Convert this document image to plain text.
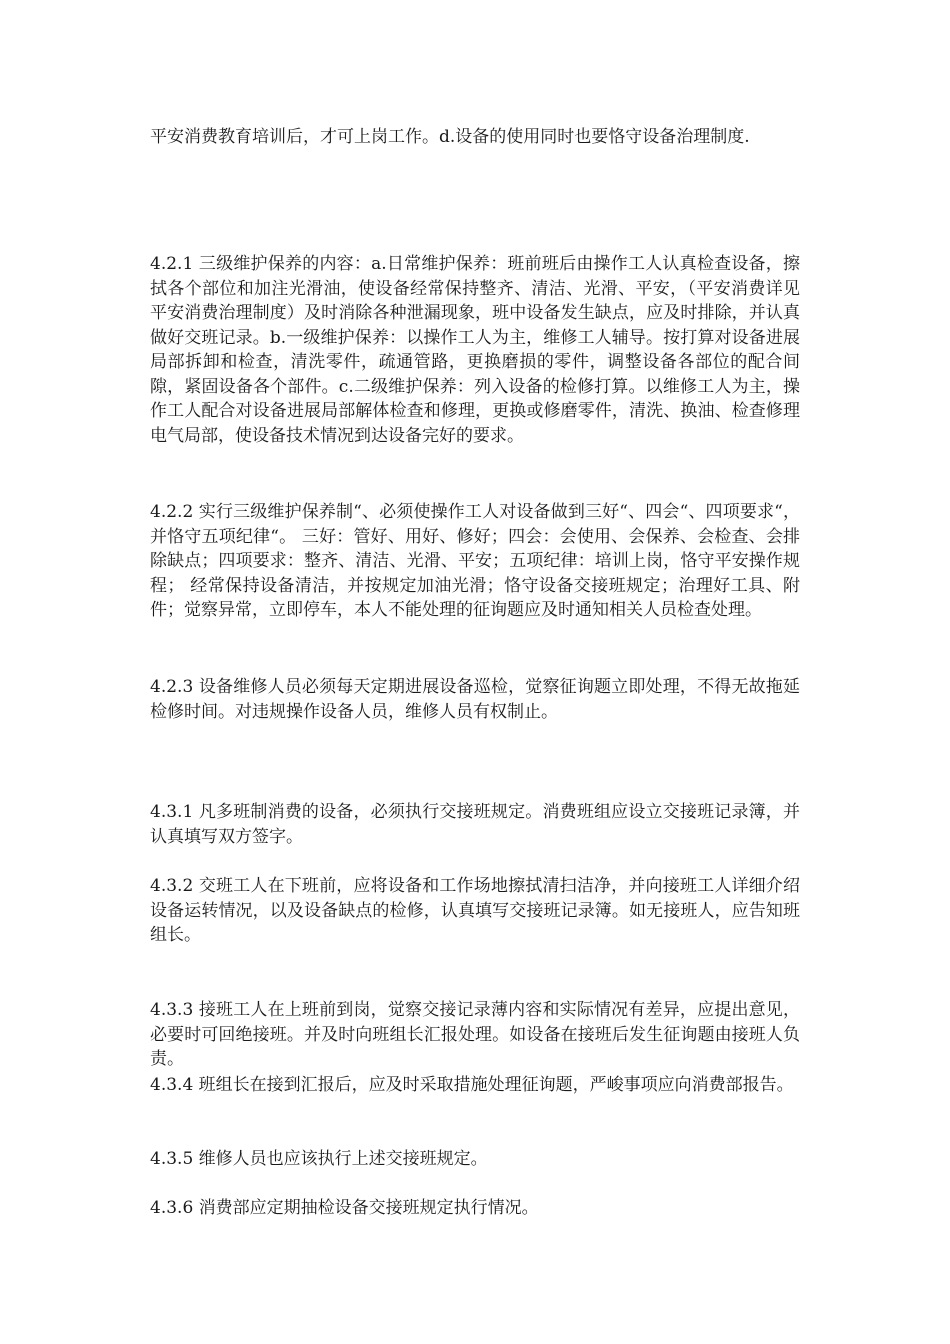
平安消费教育培训后，才可上岗工作。d.设备的使用同时也要恪守设备治理制度.

4.2.1 三级维护保养的内容：a.日常维护保养：班前班后由操作工人认真检查设备，擦拭各个部位和加注光滑油，使设备经常保持整齐、清洁、光滑、平安，（平安消费详见平安消费治理制度）及时消除各种泄漏现象，班中设备发生缺点，应及时排除，并认真做好交班记录。b.一级维护保养：以操作工人为主，维修工人辅导。按打算对设备进展局部拆卸和检查，清洗零件，疏通管路，更换磨损的零件，调整设备各部位的配合间隙，紧固设备各个部件。c.二级维护保养：列入设备的检修打算。以维修工人为主，操作工人配合对设备进展局部解体检查和修理，更换或修磨零件，清洗、换油、检查修理电气局部，使设备技术情况到达设备完好的要求。

4.2.2 实行三级维护保养制“、必须使操作工人对设备做到三好“、四会“、四项要求“，并恪守五项纪律“。 三好：管好、用好、修好；四会：会使用、会保养、会检查、会排除缺点；四项要求：整齐、清洁、光滑、平安；五项纪律：培训上岗，恪守平安操作规程； 经常保持设备清洁，并按规定加油光滑；恪守设备交接班规定；治理好工具、附件；觉察异常，立即停车，本人不能处理的征询题应及时通知相关人员检查处理。

4.2.3 设备维修人员必须每天定期进展设备巡检，觉察征询题立即处理，不得无故拖延检修时间。对违规操作设备人员，维修人员有权制止。

4.3.1 凡多班制消费的设备，必须执行交接班规定。消费班组应设立交接班记录簿，并认真填写双方签字。

4.3.2 交班工人在下班前，应将设备和工作场地擦拭清扫洁净，并向接班工人详细介绍设备运转情况，以及设备缺点的检修，认真填写交接班记录簿。如无接班人，应告知班组长。

4.3.3 接班工人在上班前到岗，觉察交接记录薄内容和实际情况有差异，应提出意见，必要时可回绝接班。并及时向班组长汇报处理。如设备在接班后发生征询题由接班人负责。

4.3.4 班组长在接到汇报后，应及时采取措施处理征询题，严峻事项应向消费部报告。

4.3.5 维修人员也应该执行上述交接班规定。

4.3.6 消费部应定期抽检设备交接班规定执行情况。
